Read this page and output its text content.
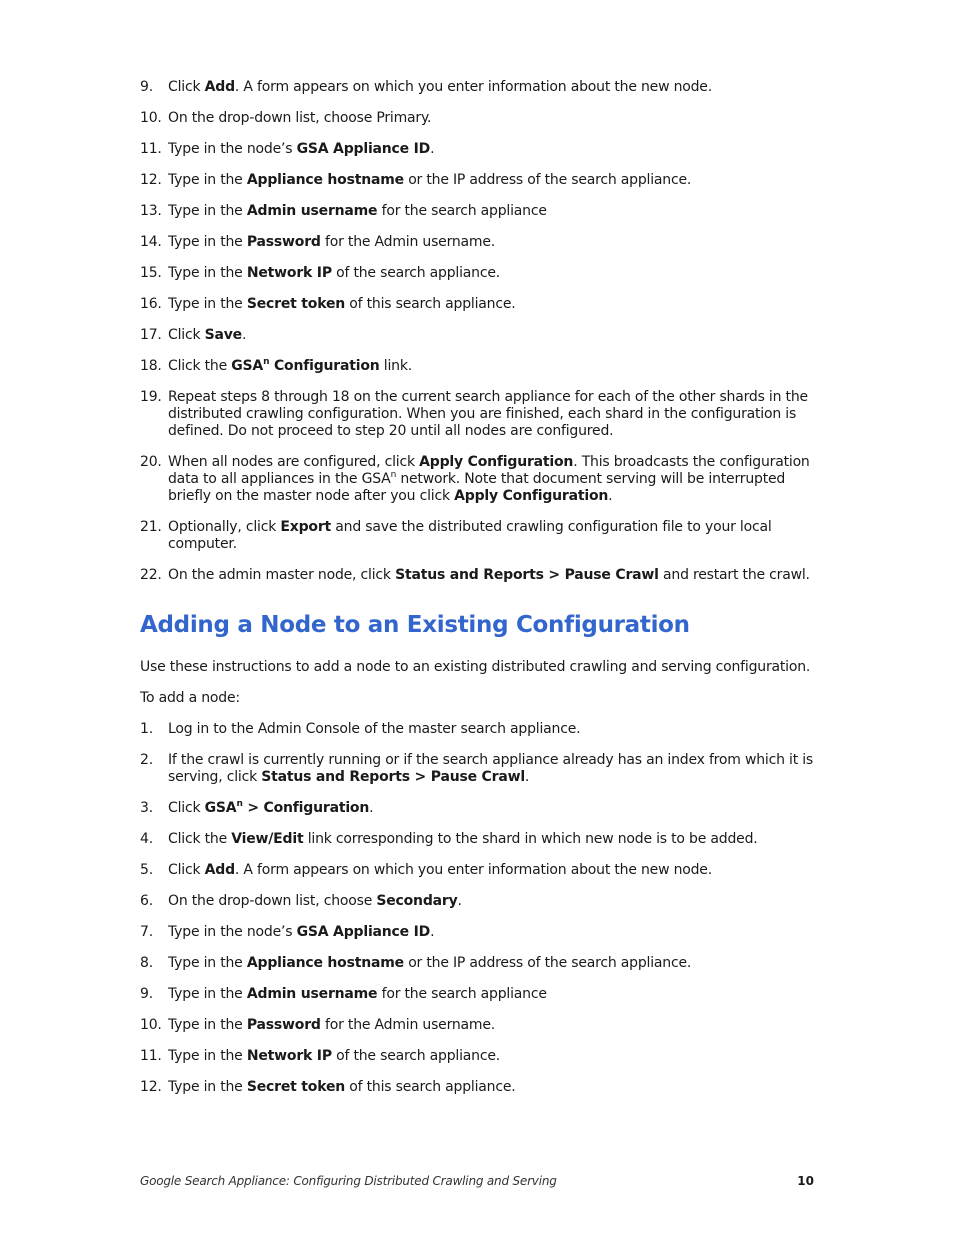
9.	Click Add. A form appears on which you enter information about the new node.
10. On the drop-down list, choose Primary.
11. Type in the node’s GSA Appliance ID.
12. Type in the Appliance hostname or the IP address of the search appliance.
13. Type in the Admin username for the search appliance
14. Type in the Password for the Admin username.
15. Type in the Network IP of the search appliance.
16. Type in the Secret token of this search appliance.
17. Click Save.
18. Click the GSA$^n$ Configuration link.
19. Repeat steps 8 through 18 on the current search appliance for each of the other shards in the distributed crawling configuration. When you are finished, each shard in the configuration is defined. Do not proceed to step 20 until all nodes are configured.
20. When all nodes are configured, click Apply Configuration. This broadcasts the configuration data to all appliances in the GSA$^n$ network. Note that document serving will be interrupted briefly on the master node after you click Apply Configuration.
21. Optionally, click Export and save the distributed crawling configuration file to your local computer.
22. On the admin master node, click Status and Reports > Pause Crawl and restart the crawl.
Adding a Node to an Existing Configuration

Use these instructions to add a node to an existing distributed crawling and serving configuration.

To add a node:

1.	Log in to the Admin Console of the master search appliance.
2.	If the crawl is currently running or if the search appliance already has an index from which it is serving, click Status and Reports > Pause Crawl.
3.	Click $GSA^n$ > Configuration.
4.	Click the View/Edit link corresponding to the shard in which new node is to be added.
5.	Click Add. A form appears on which you enter information about the new node.
6.	On the drop-down list, choose Secondary.
7.	Type in the node’s GSA Appliance ID.
8.	Type in the Appliance hostname or the IP address of the search appliance.
9.	Type in the Admin username for the search appliance
10. Type in the Password for the Admin username.
11. Type in the Network IP of the search appliance.
12. Type in the Secret token of this search appliance.
Google Search Appliance: Configuring Distributed Crawling and Serving	10
